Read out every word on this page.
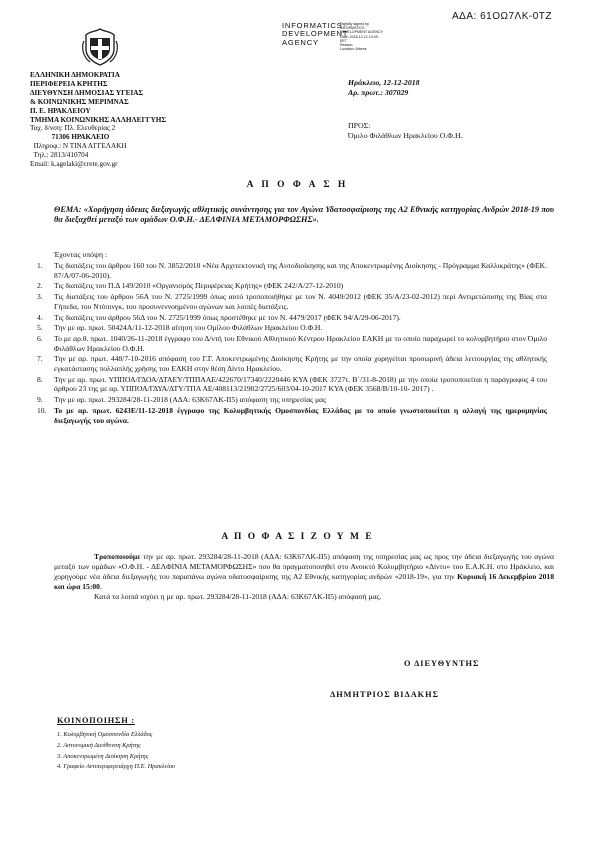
ΑΔΑ: 61ΟΩ7ΛΚ-0ΤΖ
INFORMATICS
DEVELOPMENT
AGENCY
Digitally signed by
INFORMATICS
DEVELOPMENT AGENCY
Date: 2018.12.12 13:09:
EET
Reason:
Location: Athens
ΕΛΛΗΝΙΚΗ ΔΗΜΟΚΡΑΤΙΑ
ΠΕΡΙΦΕΡΕΙΑ ΚΡΗΤΗΣ
ΔΙΕΥΘΥΝΣΗ ΔΗΜΟΣΙΑΣ ΥΓΕΙΑΣ
& ΚΟΙΝΩΝΙΚΗΣ ΜΕΡΙΜΝΑΣ
Π. Ε. ΗΡΑΚΛΕΙΟΥ
ΤΜΗΜΑ ΚΟΙΝΩΝΙΚΗΣ ΑΛΛΗΛΕΓΓΥΗΣ
Ταχ. δ/νση: Πλ. Ελευθερίας 2
71306 ΗΡΑΚΛΕΙΟ
Πληροφ.: Ν ΤΙΝΑ ΑΓΓΕΛΑΚΗ
Τηλ.: 2813/410704
Email: k.agelaki@crete.gov.gr
Ηράκλειο, 12-12-2018
Αρ. πρωτ.: 307029
ΠΡΟΣ:
Όμιλο Φιλάθλων Ηρακλείου Ο.Φ.Η.
Α Π Ο Φ Α Σ Η
ΘΕΜΑ: «Χορήγηση άδειας διεξαγωγής αθλητικής συνάντησης για τον Αγώνα Υδατοσφαίρισης της Α2 Εθνικής κατηγορίας Ανδρών 2018-19 που θα διεξαχθεί μεταξύ των ομάδων Ο.Φ.Η.- ΔΕΛΦΙΝΙΑ ΜΕΤΑΜΟΡΦΩΣΗΣ».
Έχοντας υπόψη :
1.	Τις διατάξεις του άρθρου 160 του Ν. 3852/2010 «Νέα Αρχιτεκτονική της Αυτοδιοίκησης και της Αποκεντρωμένης Διοίκησης - Πρόγραμμα Καλλικράτης» (ΦΕΚ. 87/Α/07-06-2010).
2.	Τις διατάξεις του Π.Δ 149/2010 «Οργανισμός Περιφέρειας Κρήτης» (ΦΕΚ 242/Α/27-12-2010)
3.	Τις διατάξεις του άρθρου 56Α του Ν. 2725/1999 όπως αυτό τροποποιήθηκε με τον Ν. 4049/2012 (ΦΕΚ 35/Α/23-02-2012) περί Αντιμετώπισης της Βίας στα Γήπεδα, του Ντόπινγκ, του προσυνεννοημένου αγώνων και λοιπές διατάξεις.
4.	Τις διατάξεις του άρθρου 56Δ του Ν. 2725/1999 όπως προστέθηκε με τον Ν. 4479/2017 (ΦΕΚ 94/Α/29-06-2017).
5.	Την με αρ. πρωτ. 50424Α/11-12-2018 αίτηση του Ομίλου Φιλάθλων Ηρακλείου Ο.Φ.Η.
6.	Το με αρ.θ. πρωτ. 1040/26-11-2018 έγγραφο του Δ/ντή του Εθνικού Αθλητικού Κέντρου Ηρακλείου ΕΑΚΗ με το οποίο παραχωρεί το κολυμβητήριο στον Όμιλο Φιλάθλων Ηρακλείου Ο.Φ.Η.
7.	Την με αρ. πρωτ. 448/7-10-2016 απόφαση του Γ.Γ. Αποκεντρωμένης Διοίκησης Κρήτης με την οποία χορηγείται προσωρινή άδεια λειτουργίας της αθλητικής εγκατάστασης πολλαπλής χρήσης του ΕΑΚΗ στην θέση Δίντο Ηρακλείου.
8.	Την με αρ. πρωτ. ΥΠΠΟΑ/ΓΔΟΑ/ΔΤΑΕΥ/ΤΠΠΑΑΕ/422670/17340/2220446 ΚΥΑ (ΦΕΚ 3727τ. Β΄/31-8-2018) με την οποία τροποποιείται η παράγραφος 4 του άρθρου 23 της με αρ. ΥΠΠΟΑ/ΓΔΥΑ/ΔΤΥ/ΤΠΑ ΑΕ/408113/21902/2725/603/04-10-2017 ΚΥΑ (ΦΕΚ 3568/Β/10-10- 2017) .
9.	Την με αρ. πρωτ. 293284/28-11-2018 (ΑΔΑ: 63Κ67ΛΚ-ΙΙ5) απόφαση της υπηρεσίας μας
10. Το με αρ. πρωτ. 6243Ε/11-12-2018 έγγραφο της Κολυμβητικής Ομοσπονδίας Ελλάδας με το οποίο γνωστοποιείται η αλλαγή της ημερομηνίας διεξαγωγής του αγώνα.
Α Π Ο Φ Α Σ Ι Ζ Ο Υ Μ Ε
Τροποποιούμε την με αρ. πρωτ. 293284/28-11-2018 (ΑΔΑ: 63Κ67ΛΚ-ΙΙ5) απόφαση της υπηρεσίας μας ως προς την άδεια διεξαγωγής του αγώνα μεταξύ των ομάδων «Ο.Φ.Η. - ΔΕΛΦΙΝΙΑ ΜΕΤΑΜΟΡΦΩΣΗΣ» που θα πραγματοποιηθεί στο Ανοικτό Κολυμβητήριο «Δίντο» του Ε.Α.Κ.Η. στο Ηράκλειο, και χορηγούμε νέα άδεια διεξαγωγής του παραπάνω αγώνα υδατοσφαίρισης της Α2 Εθνικής κατηγορίας ανδρών «2018-19», για την Κυριακή 16 Δεκεμβρίου 2018 και ώρα 15:00.
Κατά τα λοιπά ισχύει η με αρ. πρωτ. 293284/28-11-2018 (ΑΔΑ: 63Κ67ΛΚ-ΙΙ5) απόφασή μας.
Ο ΔΙΕΥΘΥΝΤΗΣ
ΔΗΜΗΤΡΙΟΣ ΒΙΔΑΚΗΣ
ΚΟΙΝΟΠΟΙΗΣΗ :
1. Κολυμβητική Ομοσπονδία Ελλάδος
2. Αστυνομική Διεύθυνση Κρήτης
3. Αποκεντρωμένη Διοίκηση Κρήτης
4. Γραφείο Αντιπεριφερειάρχη Π.Ε. Ηρακλείου
